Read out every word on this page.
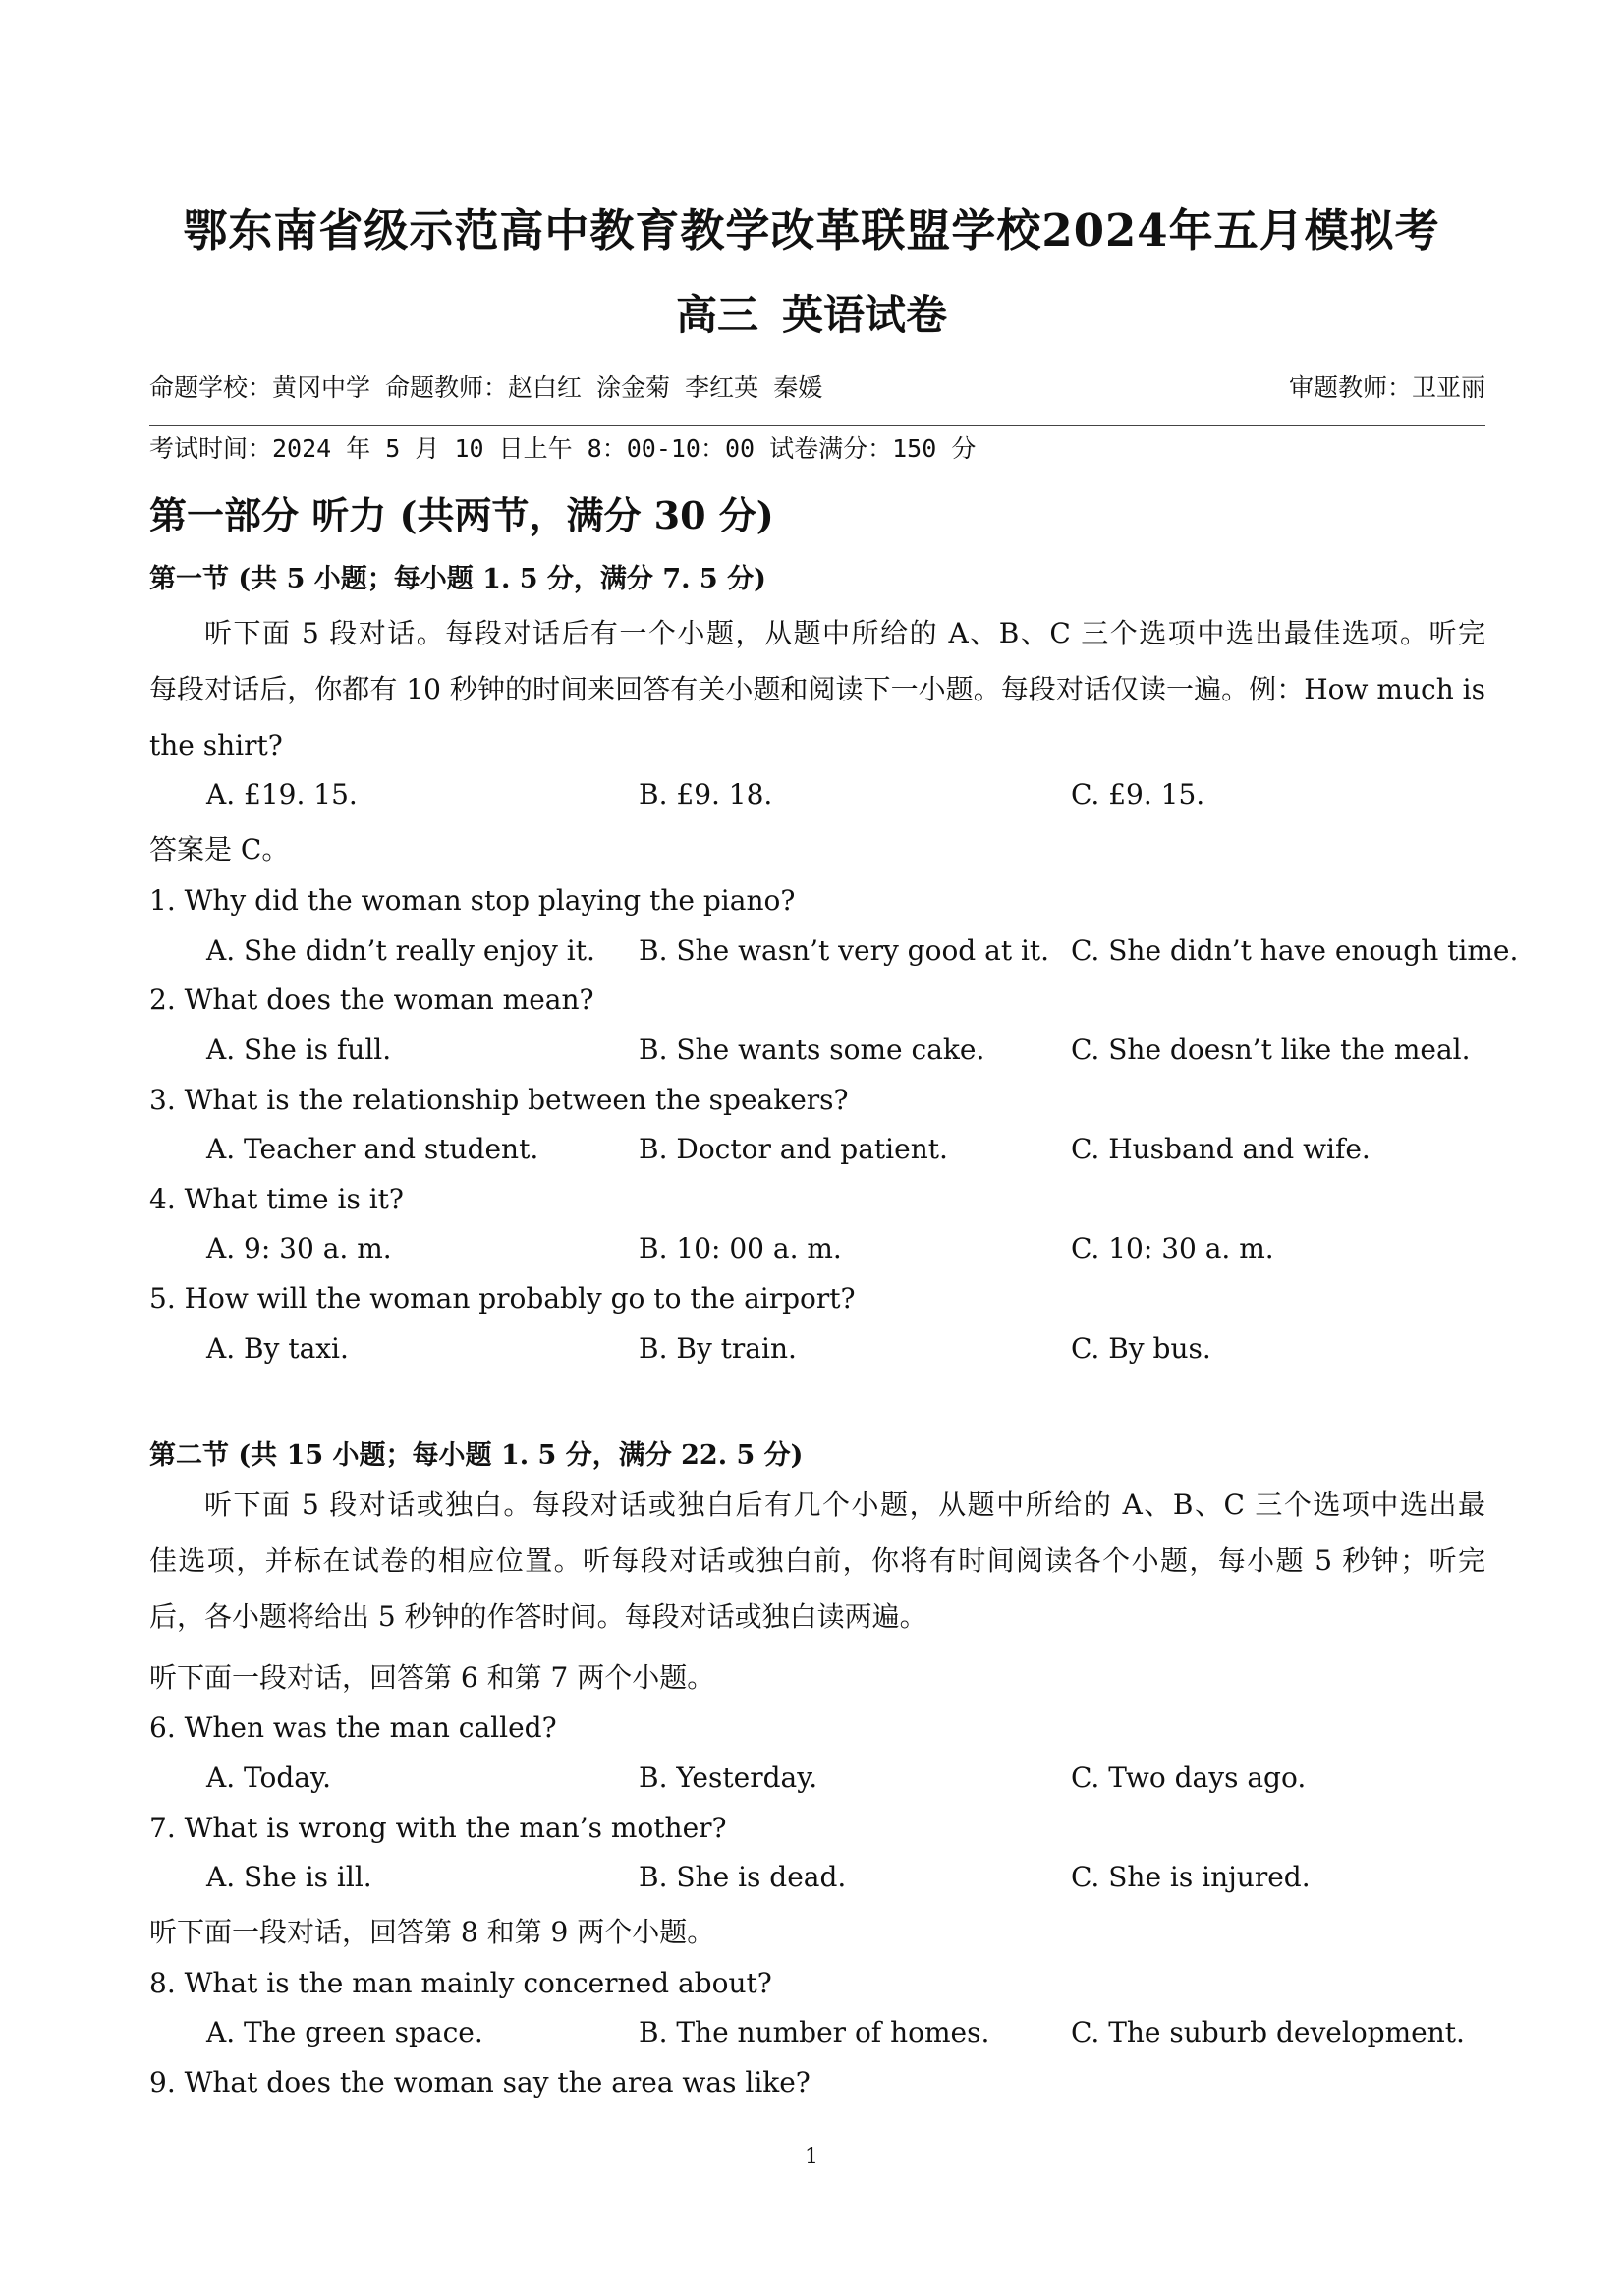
鄂东南省级示范高中教育教学改革联盟学校2024年五月模拟考
高三 英语试卷
命题学校：黄冈中学 命题教师：赵白红 涂金菊 李红英 秦媛	审题教师：卫亚丽
考试时间：2024 年 5 月 10 日上午 8：00-10：00 试卷满分：150 分
第一部分 听力 (共两节，满分 30 分)
第一节 (共 5 小题；每小题 1. 5 分，满分 7. 5 分)
听下面 5 段对话。每段对话后有一个小题，从题中所给的 A、B、C 三个选项中选出最佳选项。听完
每段对话后，你都有 10 秒钟的时间来回答有关小题和阅读下一小题。每段对话仅读一遍。例：How much is
the shirt?
A. £19. 15.	B. £9. 18.	C. £9. 15.
答案是 C。
1. Why did the woman stop playing the piano?
A. She didn’t really enjoy it. B. She wasn’t very good at it. C. She didn’t have enough time.
2. What does the woman mean?
A. She is full.	B. She wants some cake.	C. She doesn’t like the meal.
3. What is the relationship between the speakers?
A. Teacher and student.	B. Doctor and patient.	C. Husband and wife.
4. What time is it?
A. 9: 30 a. m.	B. 10: 00 a. m.	C. 10: 30 a. m.
5. How will the woman probably go to the airport?
A. By taxi.	B. By train.	C. By bus.
第二节 (共 15 小题；每小题 1. 5 分，满分 22. 5 分)
听下面 5 段对话或独白。每段对话或独白后有几个小题，从题中所给的 A、B、C 三个选项中选出最
佳选项，并标在试卷的相应位置。听每段对话或独白前，你将有时间阅读各个小题，每小题 5 秒钟；听完
后，各小题将给出 5 秒钟的作答时间。每段对话或独白读两遍。
听下面一段对话，回答第 6 和第 7 两个小题。
6. When was the man called?
A. Today.	B. Yesterday.	C. Two days ago.
7. What is wrong with the man’s mother?
A. She is ill.	B. She is dead.	C. She is injured.
听下面一段对话，回答第 8 和第 9 两个小题。
8. What is the man mainly concerned about?
A. The green space.	B. The number of homes.	C. The suburb development.
9. What does the woman say the area was like?
1
